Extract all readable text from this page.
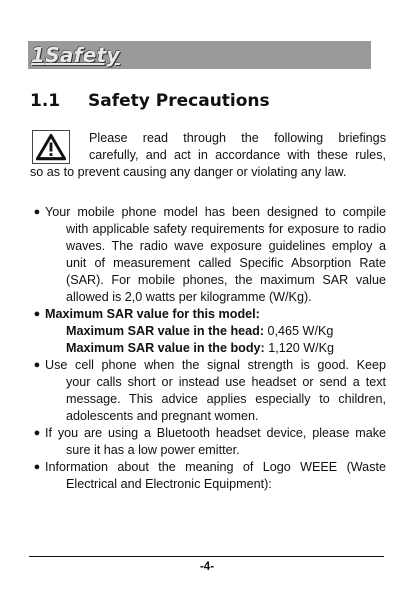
1Safety
1.1 Safety Precautions
Please read through the following briefings
carefully, and act in accordance with these rules,
so as to prevent causing any danger or violating any law.
● Your mobile phone model has been designed to compile
with applicable safety requirements for exposure to radio waves. The radio wave exposure guidelines employ a unit of measurement called Specific Absorption Rate (SAR). For mobile phones, the maximum SAR value allowed is 2,0 watts per kilogramme (W/Kg).
● Maximum SAR value for this model:
Maximum SAR value in the head: 0,465 W/Kg
Maximum SAR value in the body: 1,120 W/Kg
● Use cell phone when the signal strength is good. Keep
your calls short or instead use headset or send a text message. This advice applies especially to children, adolescents and pregnant women.
● If you are using a Bluetooth headset device, please make
sure it has a low power emitter.
● Information about the meaning of Logo WEEE (Waste
Electrical and Electronic Equipment):
-4-
